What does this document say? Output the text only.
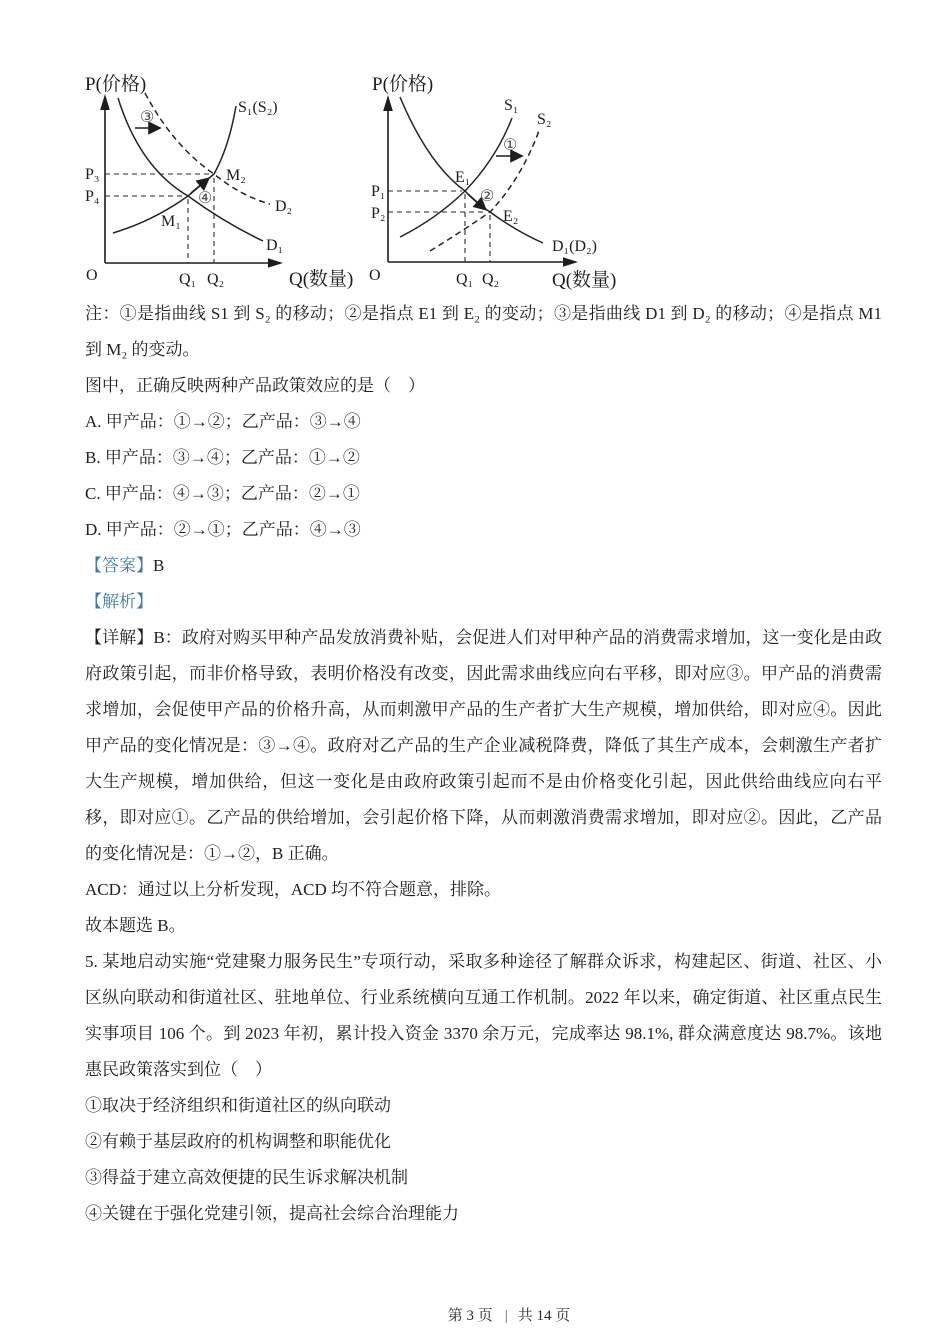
P(价格)
Q(数量)
O
S₁(S₂)
D₁
D₂
M₁
M₂
P₃
P₄
Q₁ Q₂
③
④
P(价格)
Q(数量)
O
S₁
S₂
D₁(D₂)
E₁
E₂
P₁
P₂
Q₁ Q₂
①
②
注：①是指曲线 S1 到 S₂ 的移动；②是指点 E1 到 E₂ 的变动；③是指曲线 D1 到 D₂ 的移动；④是指点 M1 到 M₂ 的变动。
图中，正确反映两种产品政策效应的是（　）
A. 甲产品：①→②；乙产品：③→④
B. 甲产品：③→④；乙产品：①→②
C. 甲产品：④→③；乙产品：②→①
D. 甲产品：②→①；乙产品：④→③
【答案】B
【解析】
【详解】B：政府对购买甲种产品发放消费补贴，会促进人们对甲种产品的消费需求增加，这一变化是由政府政策引起，而非价格导致，表明价格没有改变，因此需求曲线应向右平移，即对应③。甲产品的消费需求增加，会促使甲产品的价格升高，从而刺激甲产品的生产者扩大生产规模，增加供给，即对应④。因此甲产品的变化情况是：③→④。政府对乙产品的生产企业减税降费，降低了其生产成本，会刺激生产者扩大生产规模，增加供给，但这一变化是由政府政策引起而不是由价格变化引起，因此供给曲线应向右平移，即对应①。乙产品的供给增加，会引起价格下降，从而刺激消费需求增加，即对应②。因此，乙产品的变化情况是：①→②，B 正确。
ACD：通过以上分析发现，ACD 均不符合题意，排除。
故本题选 B。
5. 某地启动实施“党建聚力服务民生”专项行动，采取多种途径了解群众诉求，构建起区、街道、社区、小区纵向联动和街道社区、驻地单位、行业系统横向互通工作机制。2022 年以来，确定街道、社区重点民生实事项目 106 个。到 2023 年初，累计投入资金 3370 余万元，完成率达 98.1%, 群众满意度达 98.7%。该地惠民政策落实到位（　）
①取决于经济组织和街道社区的纵向联动
②有赖于基层政府的机构调整和职能优化
③得益于建立高效便捷的民生诉求解决机制
④关键在于强化党建引领，提高社会综合治理能力
第 3 页 | 共 14 页
